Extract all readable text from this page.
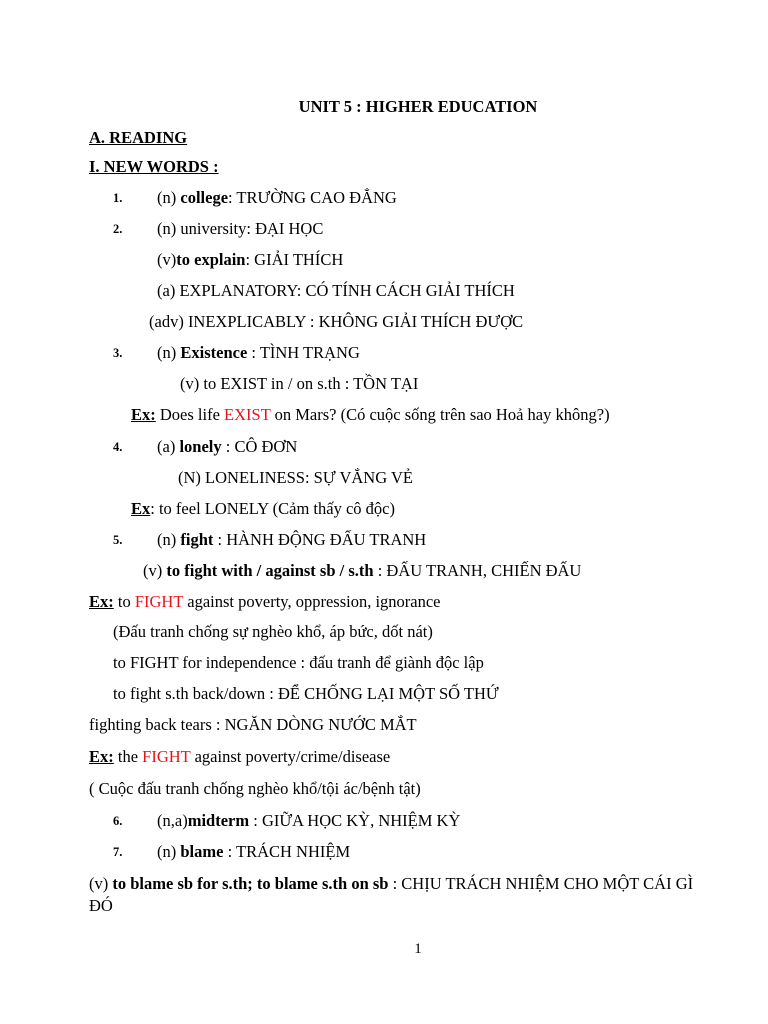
UNIT 5 : HIGHER EDUCATION
A. READING
I. NEW WORDS :
1. (n) college: TRƯỜNG CAO ĐẲNG
2. (n) university: ĐẠI HỌC
(v)to explain: GIẢI THÍCH
(a) EXPLANATORY: CÓ TÍNH CÁCH GIẢI THÍCH
(adv) INEXPLICABLY : KHÔNG GIẢI THÍCH ĐƯỢC
3. (n) Existence : TÌNH TRẠNG
(v) to EXIST in / on s.th : TỒN TẠI
Ex: Does life EXIST on Mars? (Có cuộc sống trên sao Hoả hay không?)
4. (a) lonely : CÔ ĐƠN
(N) LONELINESS: SỰ VẮNG VẺ
Ex: to feel LONELY (Cảm thấy cô độc)
5. (n) fight : HÀNH ĐỘNG ĐẤU TRANH
(v) to fight with / against sb / s.th : ĐẤU TRANH, CHIẾN ĐẤU
Ex: to FIGHT against poverty, oppression, ignorance
(Đấu tranh chống sự nghèo khổ, áp bức, dốt nát)
to FIGHT for independence : đấu tranh để giành độc lập
to fight s.th back/down : ĐỂ CHỐNG LẠI MỘT SỐ THỨ
fighting back tears : NGĂN DÒNG NƯỚC MẮT
Ex: the FIGHT against poverty/crime/disease
( Cuộc đấu tranh chống nghèo khổ/tội ác/bệnh tật)
6. (n,a)midterm : GIỮA HỌC KỲ, NHIỆM KỲ
7. (n) blame : TRÁCH NHIỆM
(v) to blame sb for s.th; to blame s.th on sb : CHỊU TRÁCH NHIỆM CHO MỘT CÁI GÌ
ĐÓ
1
